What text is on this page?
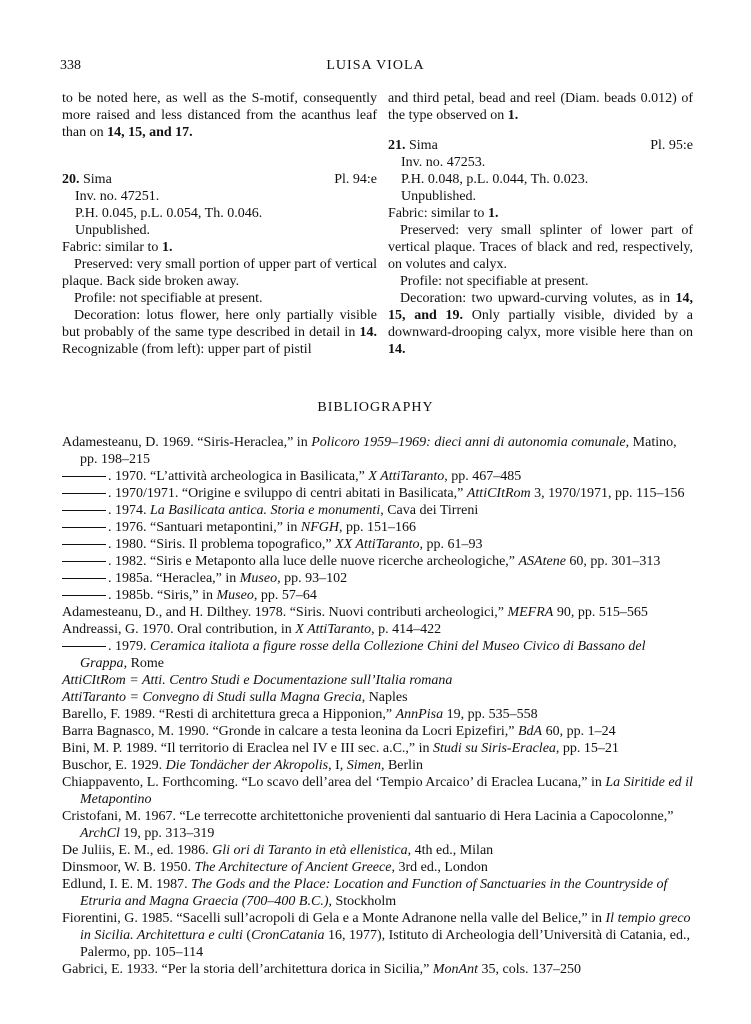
338	LUISA VIOLA

to be noted here, as well as the S-motif, consequently more raised and less distanced from the acanthus leaf than on 14, 15, and 17.

20. Sima	Pl. 94:e
Inv. no. 47251.
P.H. 0.045, p.L. 0.054, Th. 0.046.
Unpublished.

Fabric: similar to 1.

Preserved: very small portion of upper part of vertical plaque. Back side broken away.

Profile: not specifiable at present.

Decoration: lotus flower, here only partially visible but probably of the same type described in detail in 14. Recognizable (from left): upper part of pistil

and third petal, bead and reel (Diam. beads 0.012) of the type observed on 1.

21. Sima	Pl. 95:e
Inv. no. 47253.
P.H. 0.048, p.L. 0.044, Th. 0.023.
Unpublished.

Fabric: similar to 1.

Preserved: very small splinter of lower part of vertical plaque. Traces of black and red, respectively, on volutes and calyx.

Profile: not specifiable at present.

Decoration: two upward-curving volutes, as in 14, 15, and 19. Only partially visible, divided by a downward-drooping calyx, more visible here than on 14.

BIBLIOGRAPHY

Adamesteanu, D. 1969. “Siris-Heraclea,” in Policoro 1959–1969: dieci anni di autonomia comunale, Matino, pp. 198–215

. 1970. “L’attività archeologica in Basilicata,” X AttiTaranto, pp. 467–485

. 1970/1971. “Origine e sviluppo di centri abitati in Basilicata,” AttiCItRom 3, 1970/1971, pp. 115–156

. 1974. La Basilicata antica. Storia e monumenti, Cava dei Tirreni

. 1976. “Santuari metapontini,” in NFGH, pp. 151–166

. 1980. “Siris. Il problema topografico,” XX AttiTaranto, pp. 61–93

. 1982. “Siris e Metaponto alla luce delle nuove ricerche archeologiche,” ASAtene 60, pp. 301–313

. 1985a. “Heraclea,” in Museo, pp. 93–102

. 1985b. “Siris,” in Museo, pp. 57–64

Adamesteanu, D., and H. Dilthey. 1978. “Siris. Nuovi contributi archeologici,” MEFRA 90, pp. 515–565

Andreassi, G. 1970. Oral contribution, in X AttiTaranto, p. 414–422

. 1979. Ceramica italiota a figure rosse della Collezione Chini del Museo Civico di Bassano del Grappa, Rome

AttiCItRom = Atti. Centro Studi e Documentazione sull’Italia romana

AttiTaranto = Convegno di Studi sulla Magna Grecia, Naples

Barello, F. 1989. “Resti di architettura greca a Hipponion,” AnnPisa 19, pp. 535–558

Barra Bagnasco, M. 1990. “Gronde in calcare a testa leonina da Locri Epizefiri,” BdA 60, pp. 1–24

Bini, M. P. 1989. “Il territorio di Eraclea nel IV e III sec. a.C.,” in Studi su Siris-Eraclea, pp. 15–21

Buschor, E. 1929. Die Tondächer der Akropolis, I, Simen, Berlin

Chiappavento, L. Forthcoming. “Lo scavo dell’area del ‘Tempio Arcaico’ di Eraclea Lucana,” in La Siritide ed il Metapontino

Cristofani, M. 1967. “Le terrecotte architettoniche provenienti dal santuario di Hera Lacinia a Capocolonne,” ArchCl 19, pp. 313–319

De Juliis, E. M., ed. 1986. Gli ori di Taranto in età ellenistica, 4th ed., Milan

Dinsmoor, W. B. 1950. The Architecture of Ancient Greece, 3rd ed., London

Edlund, I. E. M. 1987. The Gods and the Place: Location and Function of Sanctuaries in the Countryside of Etruria and Magna Graecia (700–400 B.C.), Stockholm

Fiorentini, G. 1985. “Sacelli sull’acropoli di Gela e a Monte Adranone nella valle del Belice,” in Il tempio greco in Sicilia. Architettura e culti (CronCatania 16, 1977), Istituto di Archeologia dell’Università di Catania, ed., Palermo, pp. 105–114

Gabrici, E. 1933. “Per la storia dell’architettura dorica in Sicilia,” MonAnt 35, cols. 137–250
